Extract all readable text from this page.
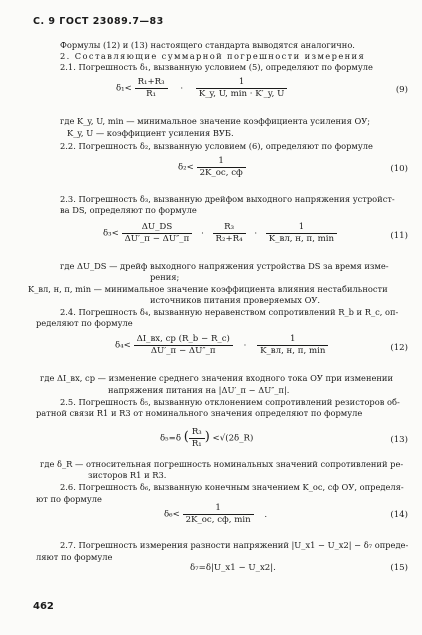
С. 9 ГОСТ 23089.7—83
Формулы (12) и (13) настоящего стандарта выводятся аналогично.
2. Составляющие суммарной погрешности измерения
2.1. Погрешность δ₁, вызванную условием (5), определяют по формуле
$\delta_1< \frac{\text{R₁+R₃}}{\text{R₁}} \cdot \frac{1}{K\_y, U, \min \cdot K'\_y, U}$	(9)
где K_y, U, min — минимальное значение коэффициента усиления ОУ;
K_y, U — коэффициент усиления ВУБ.
2.2. Погрешность δ₂, вызванную условием (6), определяют по формуле
$\delta_2< \frac{1}{2K\_ос, сф}$	(10)
2.3. Погрешность δ₃, вызванную дрейфом выходного напряжения устройст-
ва DS, определяют по формуле
$\delta_3< \frac{\Delta U\_DS}{\Delta U'\_п - \Delta U''\_п} \cdot \frac{\text{R₃}}{\text{R₂+R₄}} \cdot \frac{1}{K\_вл, н, п, \min}$	(11)
где ΔU_DS — дрейф выходного напряжения устройства DS за время изме-
рения;
K_вл, н, п, min — минимальное значение коэффициента влияния нестабильности
источников питания проверяемых ОУ.
2.4. Погрешность δ₄, вызванную неравенством сопротивлений R_b и R_c, оп-
ределяют по формуле
$\delta_4< \frac{\Delta I\_вх, ср (R\_b - R\_c)}{\Delta U'\_п - \Delta U''\_п} \cdot \frac{1}{K\_вл, н, п, \min}$	(12)
где ΔI_вх, ср — изменение среднего значения входного тока ОУ при изменении
напряжения питания на |ΔU′_п − ΔU″_п|.
2.5. Погрешность δ₅, вызванную отклонением сопротивлений резисторов об-
ратной связи R1 и R3 от номинального значения определяют по формуле
δ₅=δ ( $\frac{\text{R₃}}{\text{R₁}}$ ) <√(2δ_R)	(13)
где δ_R — относительная погрешность номинальных значений сопротивлений ре-
зисторов R1 и R3.
2.6. Погрешность δ₆, вызванную конечным значением K_ос, сф ОУ, определя-
ют по формуле
$\delta_6< \frac{1}{2K\_ос, сф, \min}$ .	(14)
2.7. Погрешность измерения разности напряжений |U_х1 − U_х2| − δ₇ опреде-
ляют по формуле
δ₇=δ|U_х1 − U_х2|.	(15)
462
